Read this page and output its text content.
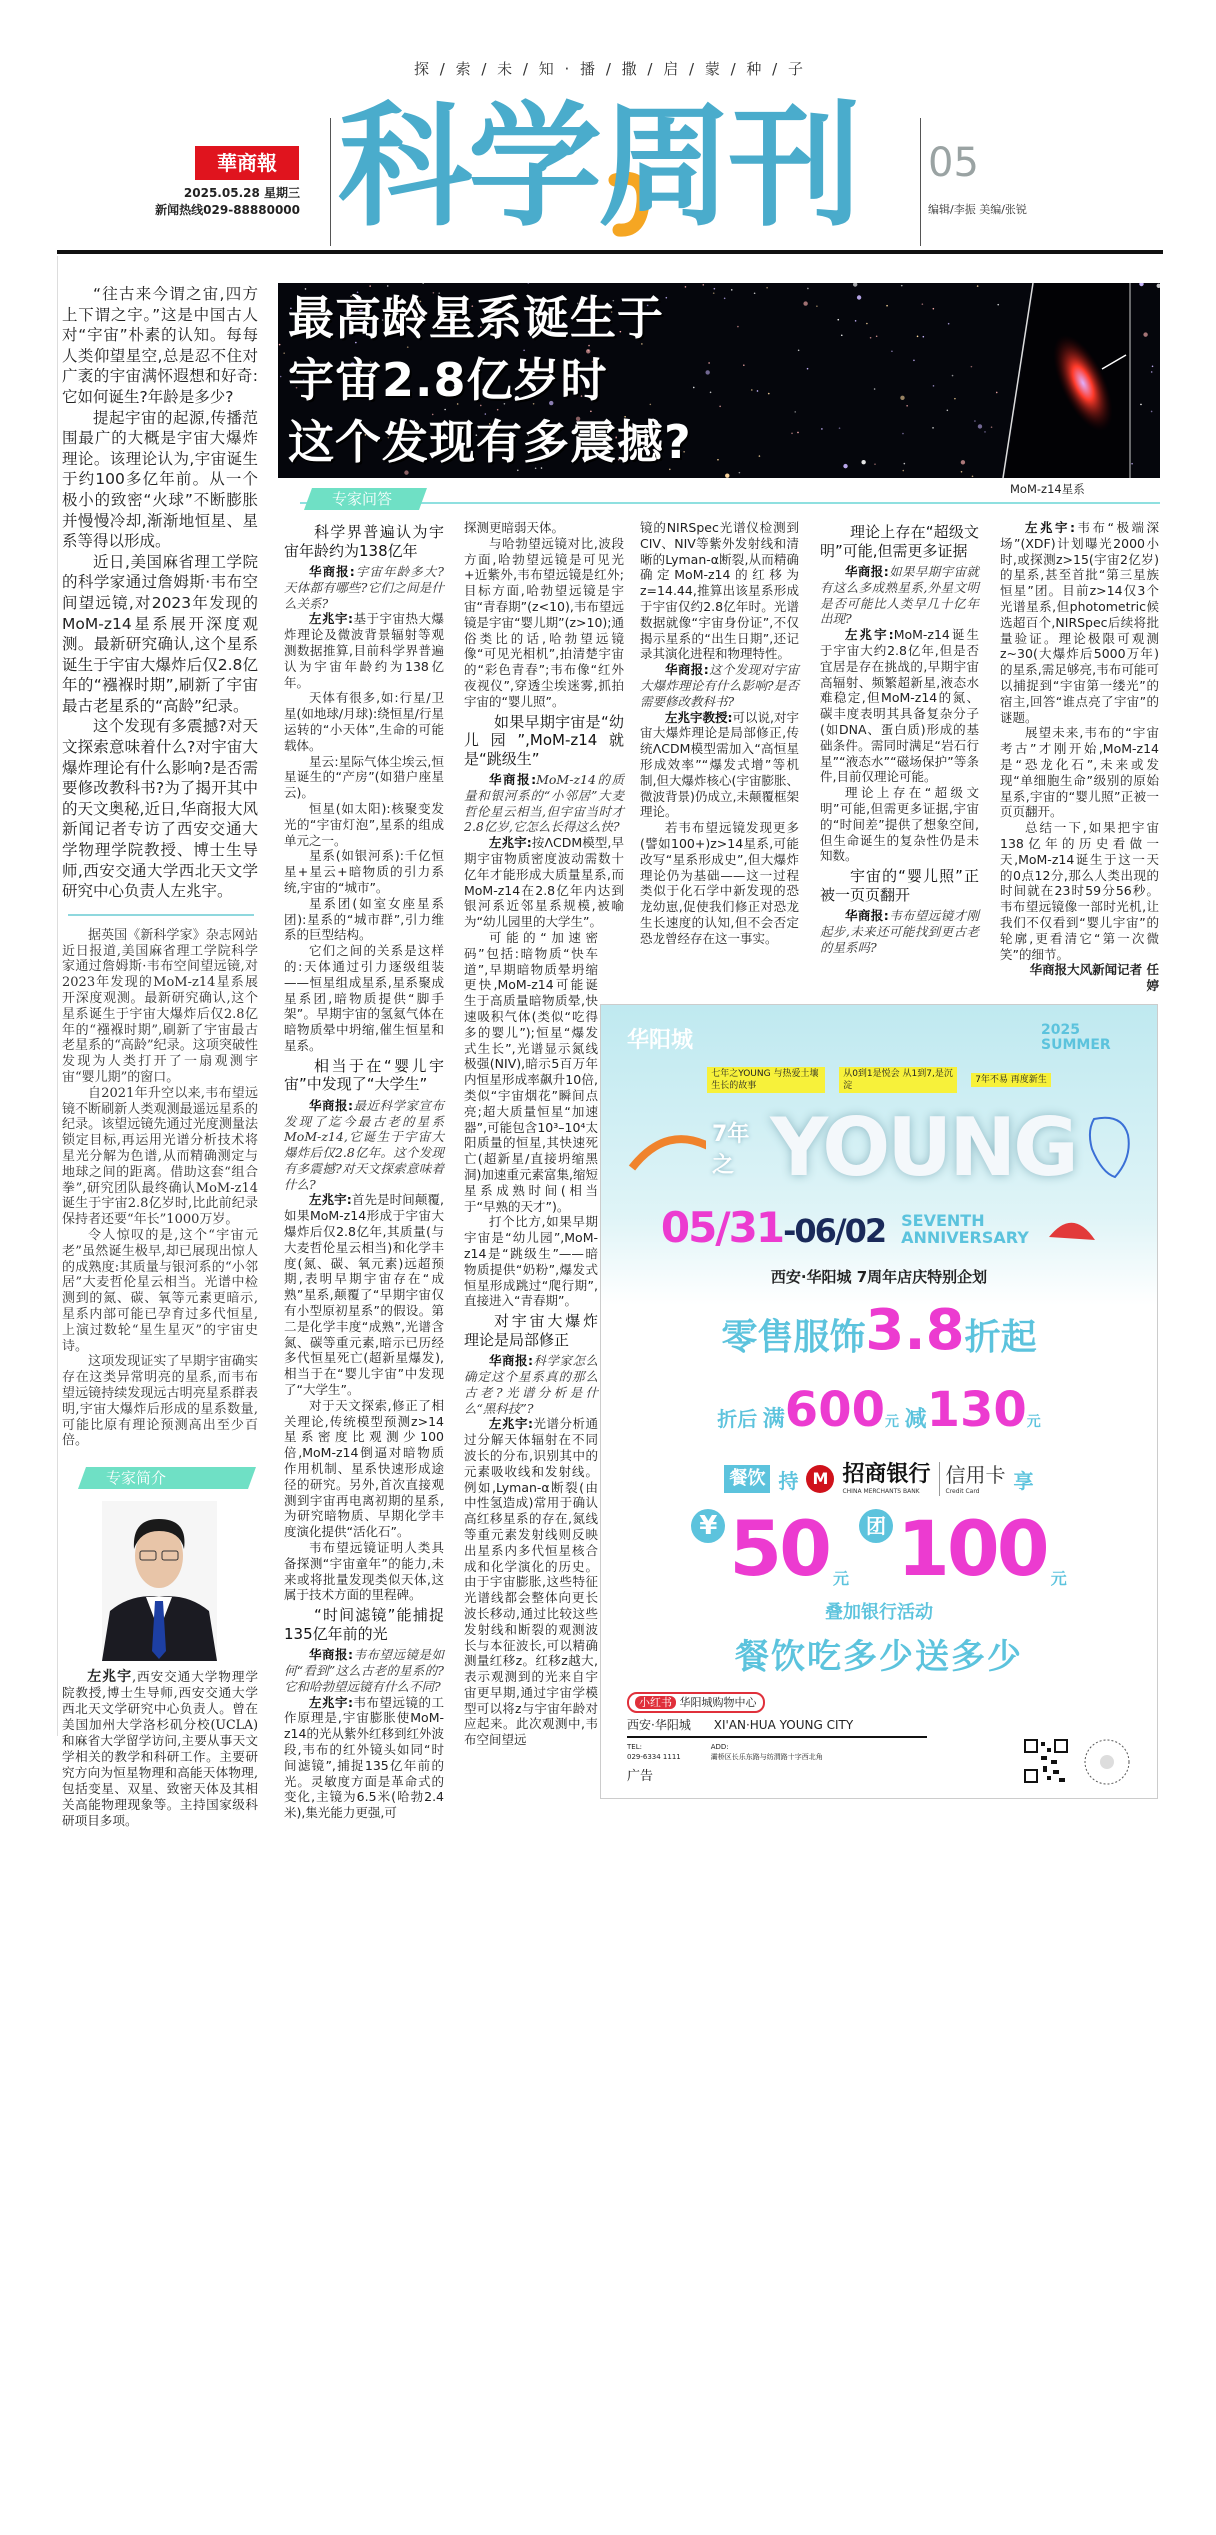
探 / 索 / 未 / 知 · 播 / 撒 / 启 / 蒙 / 种 / 子
華商報
2025.05.28 星期三
新闻热线029-88880000 科学周刊	05
编辑/李振 美编/张锐

“往古来今谓之宙,四方上下谓之宇。”这是中国古人对“宇宙”朴素的认知。每每人类仰望星空,总是忍不住对广袤的宇宙满怀遐想和好奇:它如何诞生?年龄是多少?

提起宇宙的起源,传播范围最广的大概是宇宙大爆炸理论。该理论认为,宇宙诞生于约100多亿年前。从一个极小的致密“火球”不断膨胀并慢慢冷却,渐渐地恒星、星系等得以形成。

近日,美国麻省理工学院的科学家通过詹姆斯·韦布空间望远镜,对2023年发现的MoM-z14星系展开深度观测。最新研究确认,这个星系诞生于宇宙大爆炸后仅2.8亿年的“襁褓时期”,刷新了宇宙最古老星系的“高龄”纪录。

这个发现有多震撼?对天文探索意味着什么?对宇宙大爆炸理论有什么影响?是否需要修改教科书?为了揭开其中的天文奥秘,近日,华商报大风新闻记者专访了西安交通大学物理学院教授、博士生导师,西安交通大学西北天文学研究中心负责人左兆宇。

据英国《新科学家》杂志网站近日报道,美国麻省理工学院科学家通过詹姆斯·韦布空间望远镜,对2023年发现的MoM-z14星系展开深度观测。最新研究确认,这个星系诞生于宇宙大爆炸后仅2.8亿年的“襁褓时期”,刷新了宇宙最古老星系的“高龄”纪录。这项突破性发现为人类打开了一扇观测宇宙“婴儿期”的窗口。

自2021年升空以来,韦布望远镜不断刷新人类观测最遥远星系的纪录。该望远镜先通过光度测量法锁定目标,再运用光谱分析技术将星光分解为色谱,从而精确测定与地球之间的距离。借助这套“组合拳”,研究团队最终确认MoM-z14诞生于宇宙2.8亿岁时,比此前纪录保持者还要“年长”1000万岁。

令人惊叹的是,这个“宇宙元老”虽然诞生极早,却已展现出惊人的成熟度:其质量与银河系的“小邻居”大麦哲伦星云相当。光谱中检测到的氮、碳、氧等元素更暗示,星系内部可能已孕育过多代恒星,上演过数轮“星生星灭”的宇宙史诗。

这项发现证实了早期宇宙确实存在这类异常明亮的星系,而韦布望远镜持续发现远古明亮星系群表明,宇宙大爆炸后形成的星系数量,可能比原有理论预测高出至少百倍。

专家简介

左兆宇,西安交通大学物理学院教授,博士生导师,西安交通大学西北天文学研究中心负责人。曾在美国加州大学洛杉矶分校(UCLA)和麻省大学留学访问,主要从事天文学相关的教学和科研工作。主要研究方向为恒星物理和高能天体物理,包括变星、双星、致密天体及其相关高能物理现象等。主持国家级科研项目多项。

最高龄星系诞生于
宇宙2.8亿岁时
这个发现有多震撼?
MoM-z14星系
专家问答
科学界普遍认为宇宙年龄约为138亿年

华商报:宇宙年龄多大?天体都有哪些?它们之间是什么关系?

左兆宇:基于宇宙热大爆炸理论及微波背景辐射等观测数据推算,目前科学界普遍认为宇宙年龄约为138亿年。

天体有很多,如:行星/卫星(如地球/月球):绕恒星/行星运转的“小天体”,生命的可能载体。

星云:星际气体尘埃云,恒星诞生的“产房”(如猎户座星云)。

恒星(如太阳):核聚变发光的“宇宙灯泡”,星系的组成单元之一。

星系(如银河系):千亿恒星+星云+暗物质的引力系统,宇宙的“城市”。

星系团(如室女座星系团):星系的“城市群”,引力维系的巨型结构。

它们之间的关系是这样的:天体通过引力逐级组装——恒星组成星系,星系聚成星系团,暗物质提供“脚手架”。早期宇宙的氢氦气体在暗物质晕中坍缩,催生恒星和星系。

相当于在“婴儿宇宙”中发现了“大学生”

华商报:最近科学家宣布发现了迄今最古老的星系MoM-z14,它诞生于宇宙大爆炸后仅2.8亿年。这个发现有多震撼?对天文探索意味着什么?

左兆宇:首先是时间颠覆,如果MoM-z14形成于宇宙大爆炸后仅2.8亿年,其质量(与大麦哲伦星云相当)和化学丰度(氮、碳、氧元素)远超预期,表明早期宇宙存在“成熟”星系,颠覆了“早期宇宙仅有小型原初星系”的假设。第二是化学丰度“成熟”,光谱含氮、碳等重元素,暗示已历经多代恒星死亡(超新星爆发),相当于在“婴儿宇宙”中发现了“大学生”。

对于天文探索,修正了相关理论,传统模型预测z>14星系密度比观测少100倍,MoM-z14倒逼对暗物质作用机制、星系快速形成途径的研究。另外,首次直接观测到宇宙再电离初期的星系,为研究暗物质、早期化学丰度演化提供“活化石”。

韦布望远镜证明人类具备探测“宇宙童年”的能力,未来或将批量发现类似天体,这属于技术方面的里程碑。

“时间滤镜”能捕捉135亿年前的光

华商报:韦布望远镜是如何“看到”这么古老的星系的?它和哈勃望远镜有什么不同?

左兆宇:韦布望远镜的工作原理是,宇宙膨胀使MoM-z14的光从紫外红移到红外波段,韦布的红外镜头如同“时间滤镜”,捕捉135亿年前的光。灵敏度方面是革命式的变化,主镜为6.5米(哈勃2.4米),集光能力更强,可

探测更暗弱天体。

与哈勃望远镜对比,波段方面,哈勃望远镜是可见光+近紫外,韦布望远镜是红外;目标方面,哈勃望远镜是宇宙“青春期”(z<10),韦布望远镜是宇宙“婴儿期”(z>10);通俗类比的话,哈勃望远镜像“可见光相机”,拍清楚宇宙的“彩色青春”;韦布像“红外夜视仪”,穿透尘埃迷雾,抓拍宇宙的“婴儿照”。

如果早期宇宙是“幼儿园”,MoM-z14就是“跳级生”

华商报:MoM-z14的质量和银河系的“小邻居”大麦哲伦星云相当,但宇宙当时才2.8亿岁,它怎么长得这么快?

左兆宇:按ΛCDM模型,早期宇宙物质密度波动需数十亿年才能形成大质量星系,而MoM-z14在2.8亿年内达到银河系近邻星系规模,被喻为“幼儿园里的大学生”。

可能的“加速密码”包括:暗物质“快车道”,早期暗物质晕坍缩更快,MoM-z14可能诞生于高质量暗物质晕,快速吸积气体(类似“吃得多的婴儿”);恒星“爆发式生长”,光谱显示氮线极强(NIV),暗示5百万年内恒星形成率飙升10倍,类似“宇宙烟花”瞬间点亮;超大质量恒星“加速器”,可能包含10³–10⁴太阳质量的恒星,其快速死亡(超新星/直接坍缩黑洞)加速重元素富集,缩短星系成熟时间(相当于“早熟的天才”)。

打个比方,如果早期宇宙是“幼儿园”,MoM-z14是“跳级生”——暗物质提供“奶粉”,爆发式恒星形成跳过“爬行期”,直接进入“青春期”。

对宇宙大爆炸理论是局部修正

华商报:科学家怎么确定这个星系真的那么古老?光谱分析是什么“黑科技”?

左兆宇:光谱分析通过分解天体辐射在不同波长的分布,识别其中的元素吸收线和发射线。例如,Lyman-α断裂(由中性氢造成)常用于确认高红移星系的存在,氮线等重元素发射线则反映出星系内多代恒星核合成和化学演化的历史。由于宇宙膨胀,这些特征光谱线都会整体向更长波长移动,通过比较这些发射线和断裂的观测波长与本征波长,可以精确测量红移z。红移z越大,表示观测到的光来自宇宙更早期,通过宇宙学模型可以将z与宇宙年龄对应起来。此次观测中,韦布空间望远

镜的NIRSpec光谱仪检测到CIV、NIV等紫外发射线和清晰的Lyman-α断裂,从而精确确定MoM-z14的红移为z=14.44,推算出该星系形成于宇宙仅约2.8亿年时。光谱数据就像“宇宙身份证”,不仅揭示星系的“出生日期”,还记录其演化进程和物理特性。

华商报:这个发现对宇宙大爆炸理论有什么影响?是否需要修改教科书?

左兆宇教授:可以说,对宇宙大爆炸理论是局部修正,传统ΛCDM模型需加入“高恒星形成效率”“爆发式增”等机制,但大爆炸核心(宇宙膨胀、微波背景)仍成立,未颠覆框架理论。

若韦布望远镜发现更多(譬如100+)z>14星系,可能改写“星系形成史”,但大爆炸理论仍为基础——这一过程类似于化石学中新发现的恐龙幼崽,促使我们修正对恐龙生长速度的认知,但不会否定恐龙曾经存在这一事实。

理论上存在“超级文明”可能,但需更多证据

华商报:如果早期宇宙就有这么多成熟星系,外星文明是否可能比人类早几十亿年出现?

左兆宇:MoM-z14诞生于宇宙大约2.8亿年,但是否宜居是存在挑战的,早期宇宙高辐射、频繁超新星,液态水难稳定,但MoM-z14的氮、碳丰度表明其具备复杂分子(如DNA、蛋白质)形成的基础条件。需同时满足“岩石行星”“液态水”“磁场保护”等条件,目前仅理论可能。

理论上存在“超级文明”可能,但需更多证据,宇宙的“时间差”提供了想象空间,但生命诞生的复杂性仍是未知数。

宇宙的“婴儿照”正被一页页翻开

华商报:韦布望远镜才刚起步,未来还可能找到更古老的星系吗?

左兆宇:韦布“极端深场”(XDF)计划曝光2000小时,或探测z>15(宇宙2亿岁)的星系,甚至首批“第三星族恒星”团。目前z>14仅3个光谱星系,但photometric候选超百个,NIRSpec后续将批量验证。理论极限可观测z~30(大爆炸后5000万年)的星系,需足够亮,韦布可能可以捕捉到“宇宙第一缕光”的宿主,回答“谁点亮了宇宙”的谜题。

展望未来,韦布的“宇宙考古”才刚开始,MoM-z14是“恐龙化石”,未来或发现“单细胞生命”级别的原始星系,宇宙的“婴儿照”正被一页页翻开。

总结一下,如果把宇宙138亿年的历史看做一天,MoM-z14诞生于这一天的0点12分,那么人类出现的时间就在23时59分56秒。韦布望远镜像一部时光机,让我们不仅看到“婴儿宇宙”的轮廓,更看清它“第一次微笑”的细节。

华商报大风新闻记者 任婷

华阳城	2025 SUMMER
七年之YOUNG 与热爱土壤生长的故事
从0到1是悦会 从1到7,是沉淀
7年不易 再度新生
7年之 YOUNG
05/31-06/02 SEVENTH ANNIVERSARY
西安·华阳城 7周年店庆特别企划
零售服饰3.8折起
折后 满600元 减130元
餐饮 持 M 招商银行
CHINA MERCHANTS BANK
信用卡
Credit Card	享
¥ 50 元
团 100 元
叠加银行活动
餐饮吃多少送多少
小红书 华阳城购物中心
西安·华阳城 XI'AN·HUA YOUNG CITY
TEL:
029-6334 1111
ADD:
灞桥区长乐东路与纺渭路十字西北角
广告
